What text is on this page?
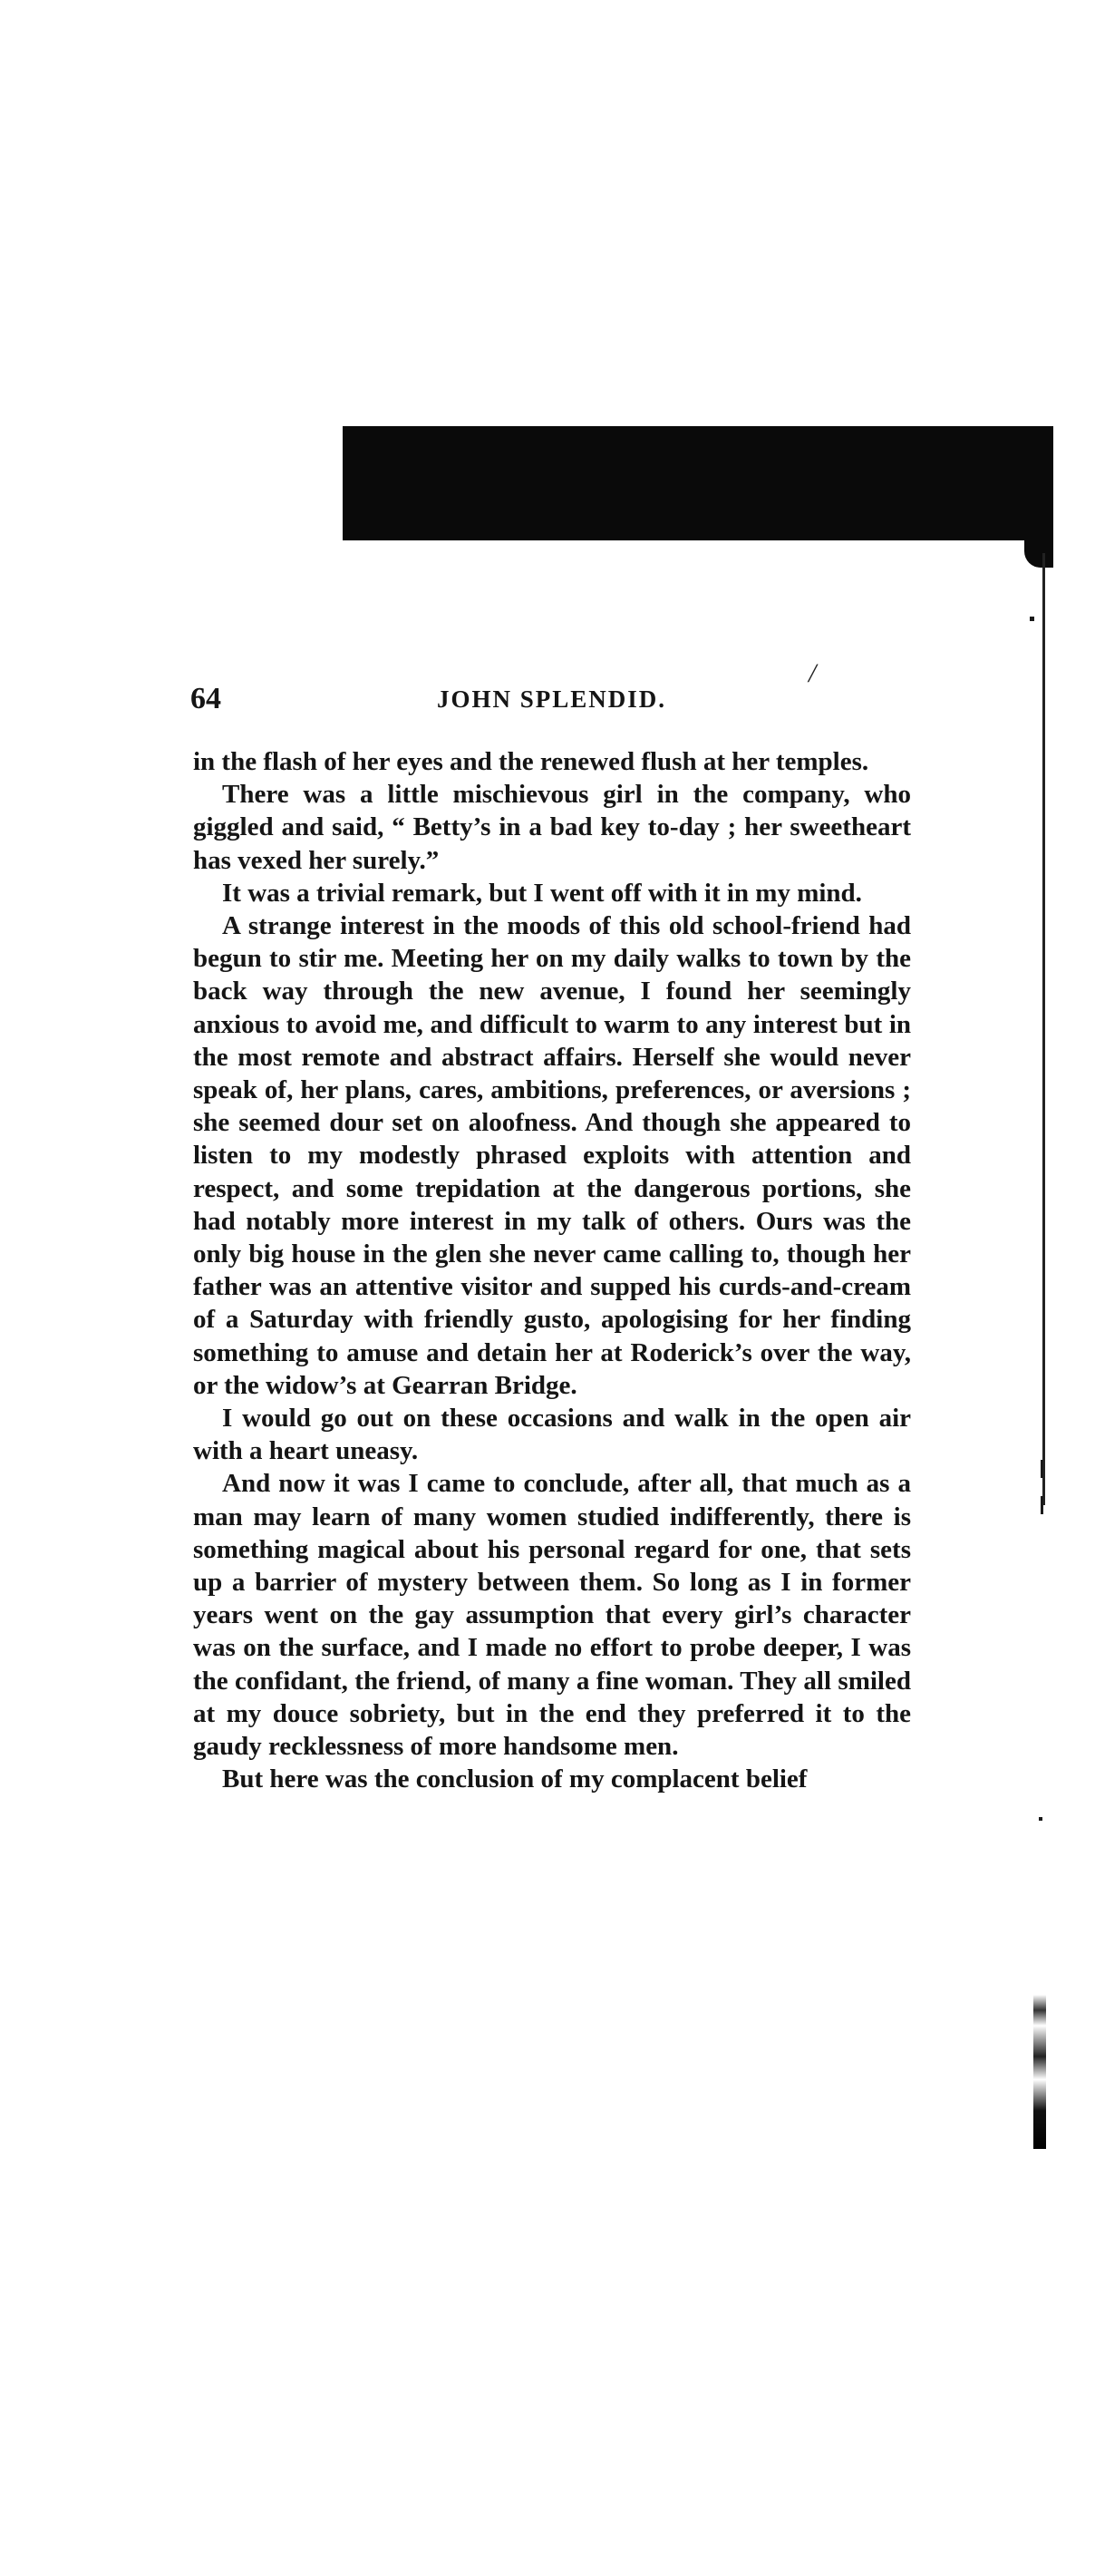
/
64	JOHN SPLENDID.

in the flash of her eyes and the renewed flush at her temples.

There was a little mischievous girl in the company, who giggled and said, “ Betty’s in a bad key to-day ; her sweetheart has vexed her surely.”

It was a trivial remark, but I went off with it in my mind.

A strange interest in the moods of this old school-friend had begun to stir me. Meeting her on my daily walks to town by the back way through the new avenue, I found her seemingly anxious to avoid me, and difficult to warm to any interest but in the most remote and abstract affairs. Herself she would never speak of, her plans, cares, ambitions, preferences, or aversions ; she seemed dour set on aloofness. And though she appeared to listen to my modestly phrased exploits with attention and respect, and some trepidation at the dangerous portions, she had notably more interest in my talk of others. Ours was the only big house in the glen she never came calling to, though her father was an attentive visitor and supped his curds-and-cream of a Saturday with friendly gusto, apologising for her finding something to amuse and detain her at Roderick’s over the way, or the widow’s at Gearran Bridge.

I would go out on these occasions and walk in the open air with a heart uneasy.

And now it was I came to conclude, after all, that much as a man may learn of many women studied indifferently, there is something magical about his personal regard for one, that sets up a barrier of mystery between them. So long as I in former years went on the gay assumption that every girl’s character was on the surface, and I made no effort to probe deeper, I was the confidant, the friend, of many a fine woman. They all smiled at my douce sobriety, but in the end they preferred it to the gaudy recklessness of more handsome men.

But here was the conclusion of my complacent belief
